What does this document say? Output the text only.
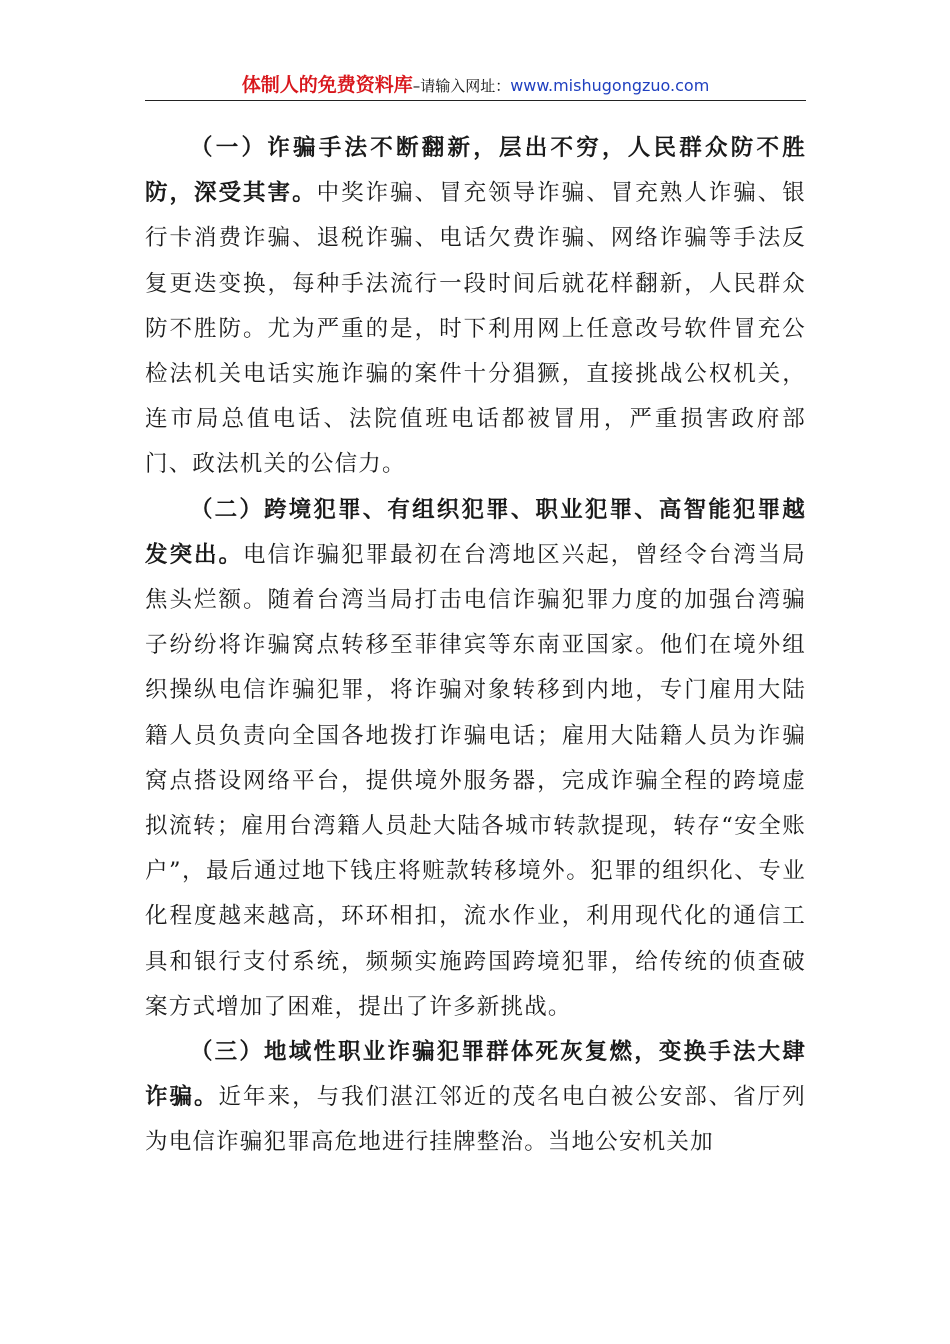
体制人的免费资料库–请输入网址：www.mishugongzuo.com

（一）诈骗手法不断翻新，层出不穷，人民群众防不胜防，深受其害。中奖诈骗、冒充领导诈骗、冒充熟人诈骗、银行卡消费诈骗、退税诈骗、电话欠费诈骗、网络诈骗等手法反复更迭变换，每种手法流行一段时间后就花样翻新，人民群众防不胜防。尤为严重的是，时下利用网上任意改号软件冒充公检法机关电话实施诈骗的案件十分猖獗，直接挑战公权机关，连市局总值电话、法院值班电话都被冒用，严重损害政府部门、政法机关的公信力。

（二）跨境犯罪、有组织犯罪、职业犯罪、高智能犯罪越发突出。电信诈骗犯罪最初在台湾地区兴起，曾经令台湾当局焦头烂额。随着台湾当局打击电信诈骗犯罪力度的加强台湾骗子纷纷将诈骗窝点转移至菲律宾等东南亚国家。他们在境外组织操纵电信诈骗犯罪，将诈骗对象转移到内地，专门雇用大陆籍人员负责向全国各地拨打诈骗电话；雇用大陆籍人员为诈骗窝点搭设网络平台，提供境外服务器，完成诈骗全程的跨境虚拟流转；雇用台湾籍人员赴大陆各城市转款提现，转存“安全账户”，最后通过地下钱庄将赃款转移境外。犯罪的组织化、专业化程度越来越高，环环相扣，流水作业，利用现代化的通信工具和银行支付系统，频频实施跨国跨境犯罪，给传统的侦查破案方式增加了困难，提出了许多新挑战。

（三）地域性职业诈骗犯罪群体死灰复燃，变换手法大肆诈骗。近年来，与我们湛江邻近的茂名电白被公安部、省厅列为电信诈骗犯罪高危地进行挂牌整治。当地公安机关加
